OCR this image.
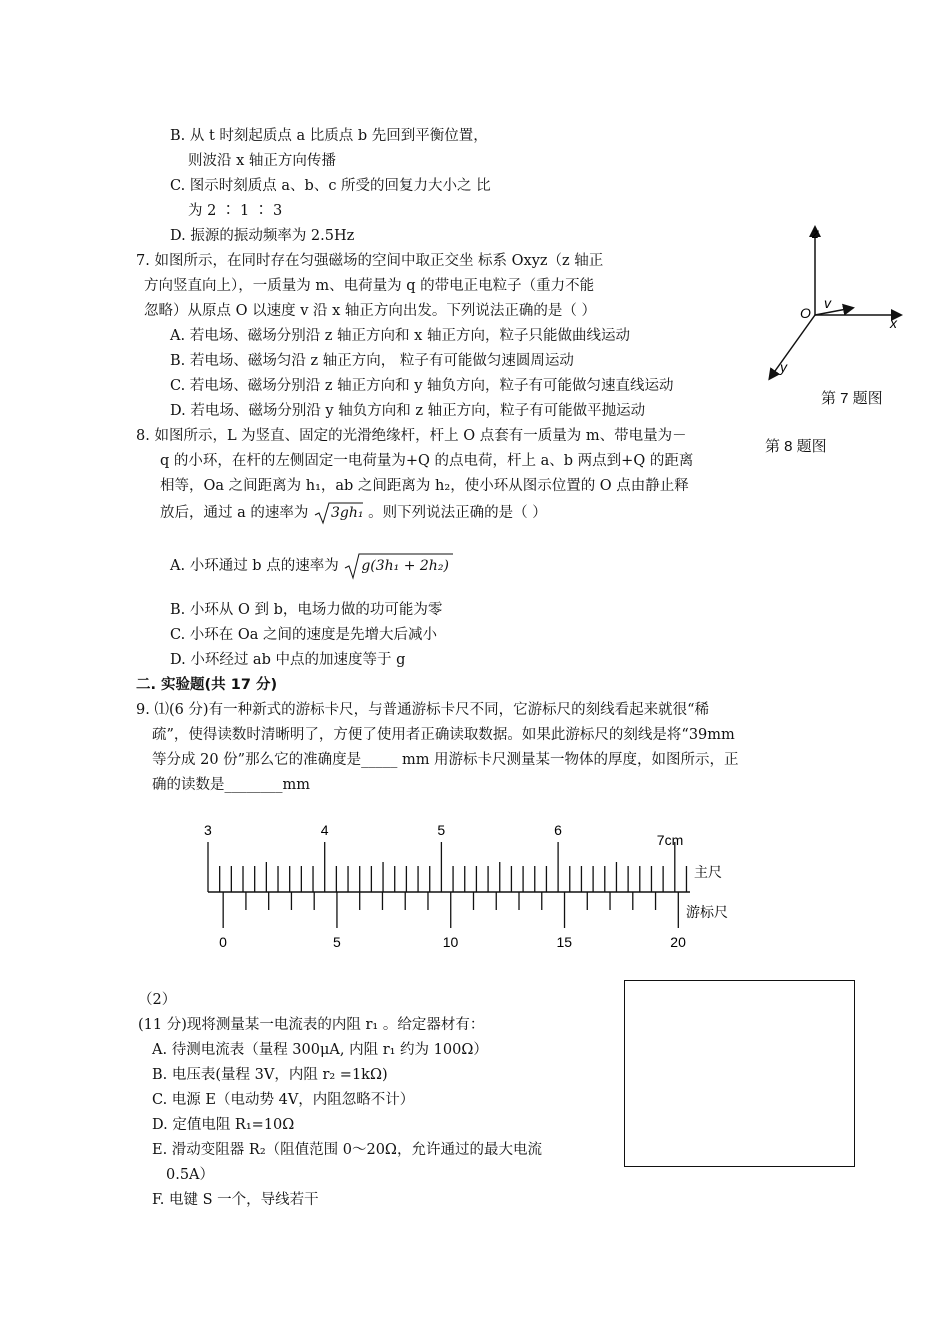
B. 从 t 时刻起质点 a 比质点 b 先回到平衡位置，
则波沿 x 轴正方向传播
C. 图示时刻质点 a、b、c 所受的回复力大小之 比
为 2 ∶ 1 ∶ 3
D. 振源的振动频率为 2.5Hz
7. 如图所示，在同时存在匀强磁场的空间中取正交坐 标系 Oxyz（z 轴正
方向竖直向上），一质量为 m、电荷量为 q 的带电正电粒子（重力不能
忽略）从原点 O 以速度 v 沿 x 轴正方向出发。下列说法正确的是（ ）
A. 若电场、磁场分别沿 z 轴正方向和 x 轴正方向，粒子只能做曲线运动
B. 若电场、磁场匀沿 z 轴正方向， 粒子有可能做匀速圆周运动
C. 若电场、磁场分别沿 z 轴正方向和 y 轴负方向，粒子有可能做匀速直线运动
D. 若电场、磁场分别沿 y 轴负方向和 z 轴正方向，粒子有可能做平抛运动
z
x
y
O
v
第 7 题图
8. 如图所示，L 为竖直、固定的光滑绝缘杆，杆上 O 点套有一质量为 m、带电量为－
第 8 题图
q 的小环，在杆的左侧固定一电荷量为+Q 的点电荷，杆上 a、b 两点到+Q 的距离
相等，Oa 之间距离为 h₁，ab 之间距离为 h₂，使小环从图示位置的 O 点由静止释
放后，通过 a 的速率为 3gh₁ 。则下列说法正确的是（ ）
A. 小环通过 b 点的速率为 g(3h₁ + 2h₂)
B. 小环从 O 到 b，电场力做的功可能为零
C. 小环在 Oa 之间的速度是先增大后减小
D. 小环经过 ab 中点的加速度等于 g
二. 实验题(共 17 分)
9. ⑴(6 分)有一种新式的游标卡尺，与普通游标卡尺不同，它游标尺的刻线看起来就很“稀
疏”，使得读数时清晰明了，方便了使用者正确读取数据。如果此游标尺的刻线是将“39mm
等分成 20 份”那么它的准确度是_____ mm 用游标卡尺测量某一物体的厚度，如图所示，正
确的读数是________mm
主尺
游标尺
3	4	5	6
7cm
0	5	10	15	20
（2）
(11 分)现将测量某一电流表的内阻 r₁ 。给定器材有：
A. 待测电流表（量程 300μA, 内阻 r₁ 约为 100Ω）
B. 电压表(量程 3V，内阻 r₂ =1kΩ)
C. 电源 E（电动势 4V，内阻忽略不计）
D. 定值电阻 R₁=10Ω
E. 滑动变阻器 R₂（阻值范围 0～20Ω，允许通过的最大电流
0.5A）
F. 电键 S 一个，导线若干
